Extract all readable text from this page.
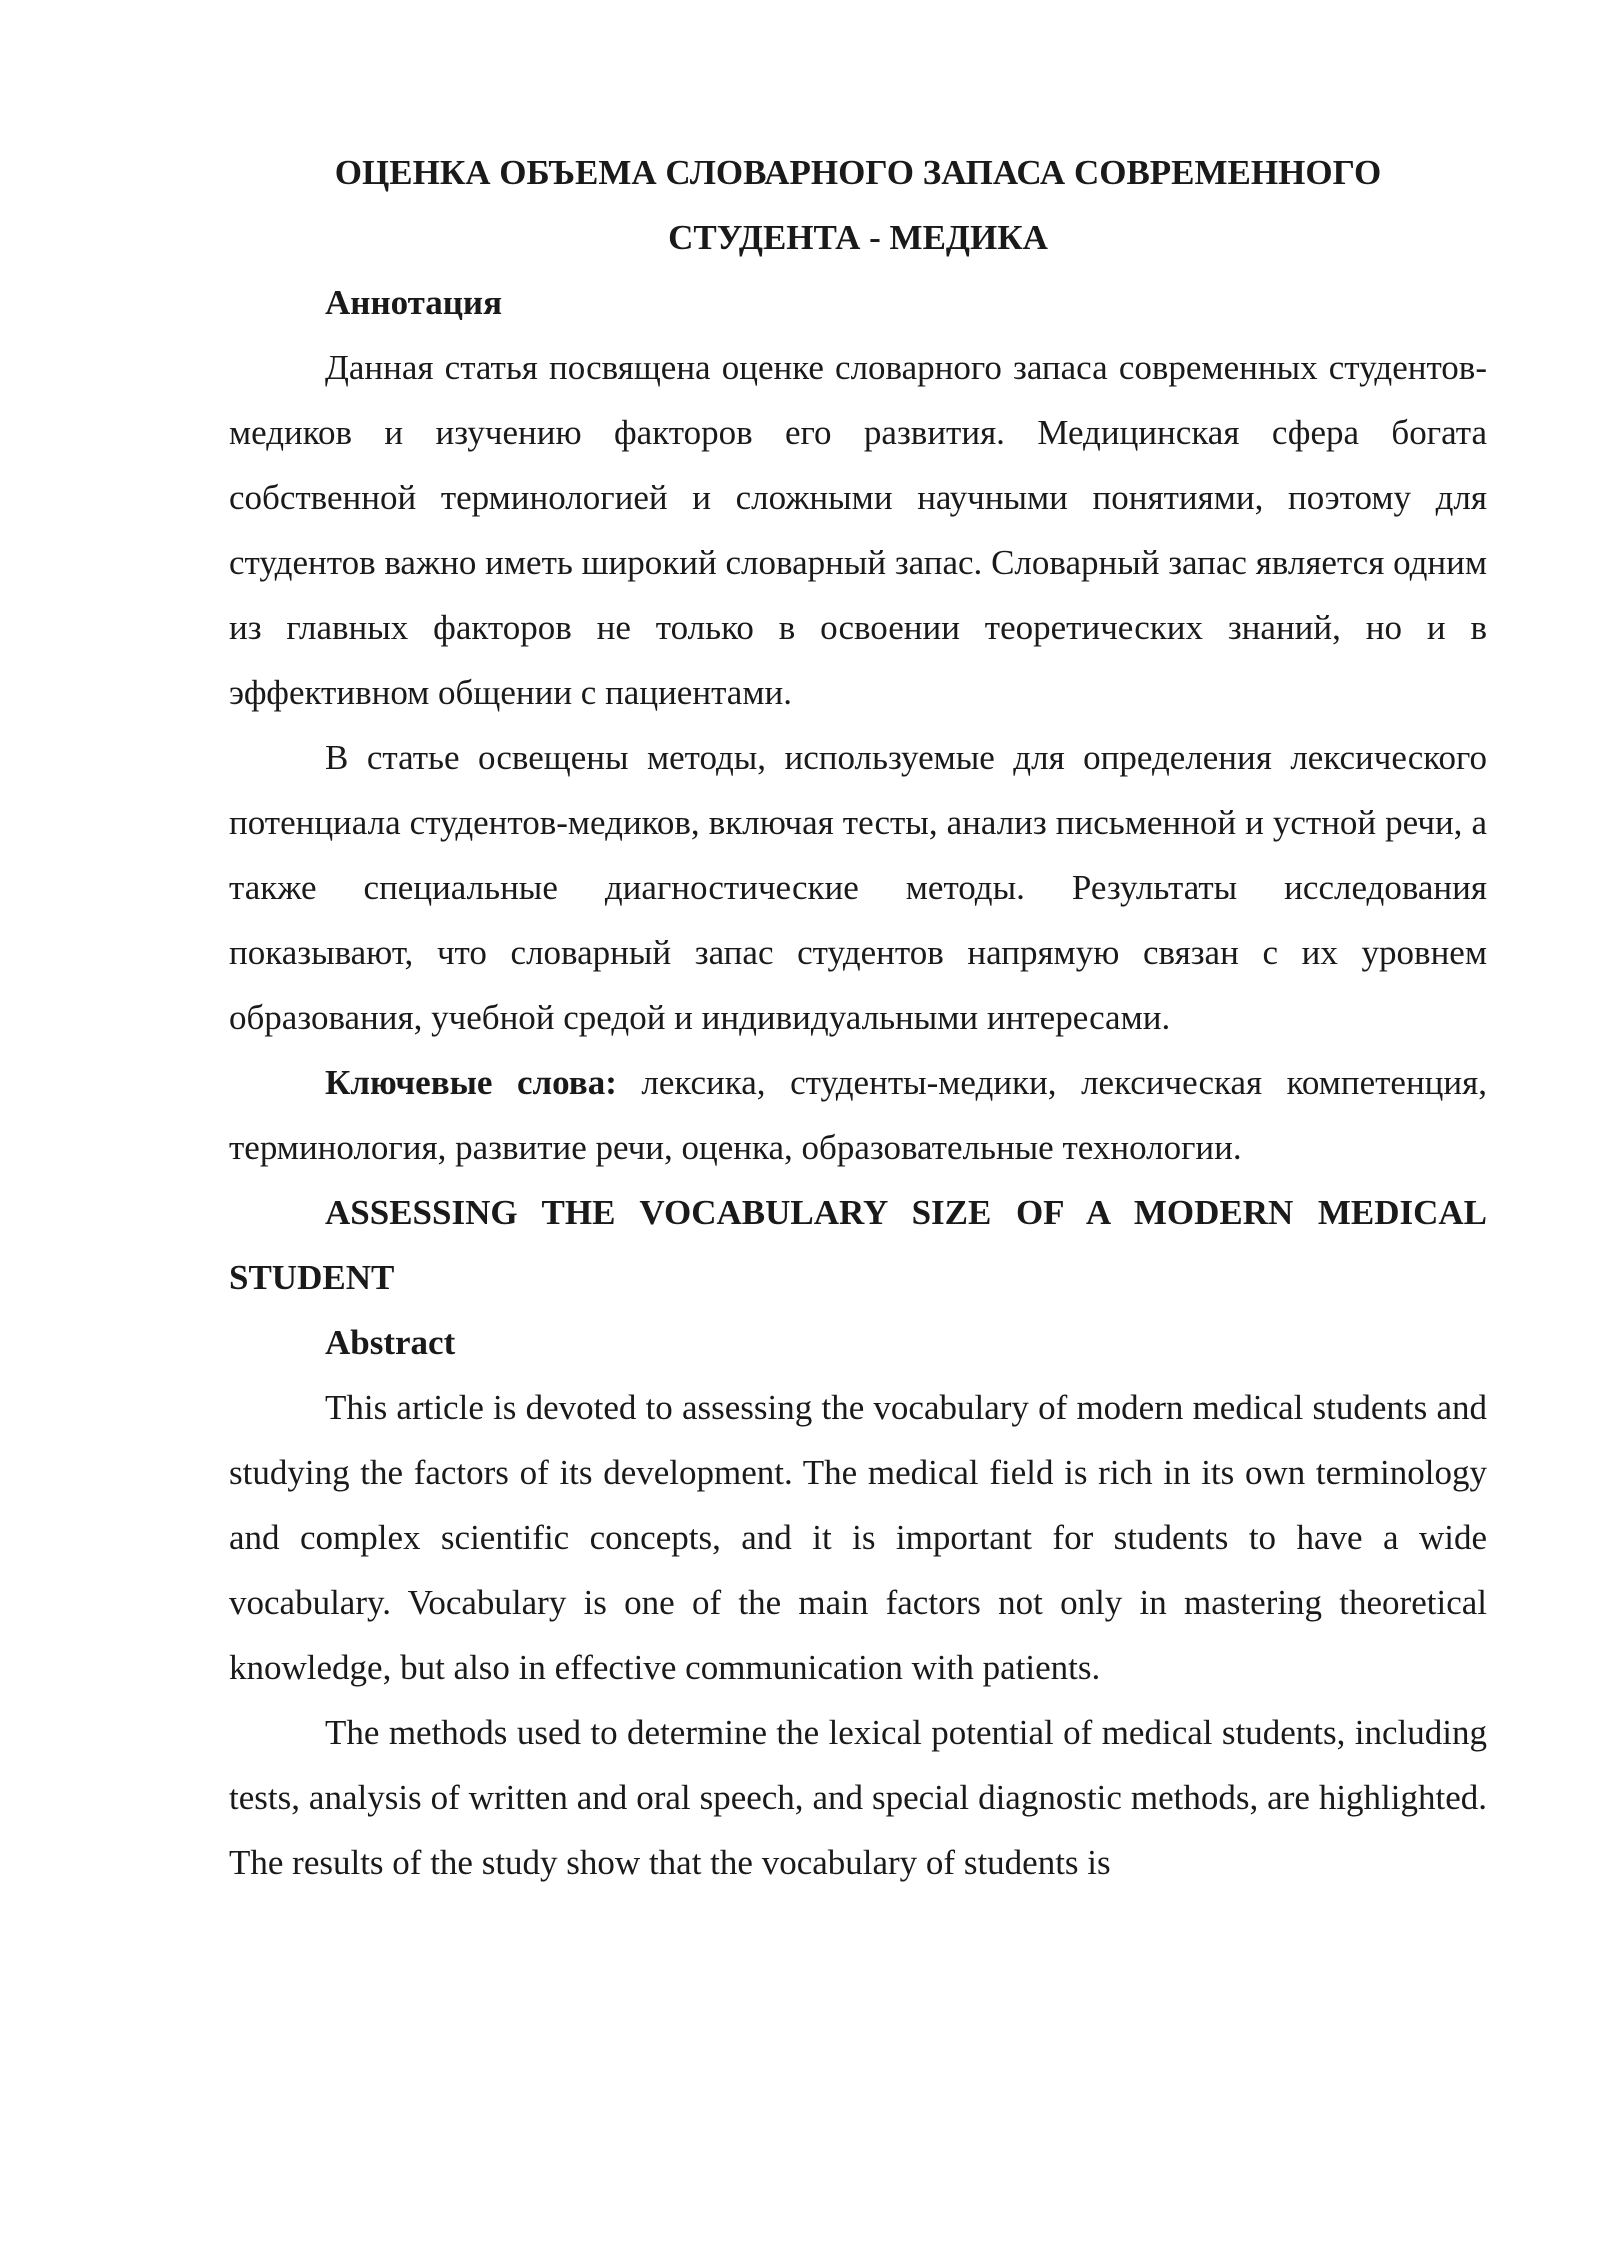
ОЦЕНКА ОБЪЕМА СЛОВАРНОГО ЗАПАСА СОВРЕМЕННОГО
СТУДЕНТА - МЕДИКА
Аннотация

Данная статья посвящена оценке словарного запаса современных студентов-медиков и изучению факторов его развития. Медицинская сфера богата собственной терминологией и сложными научными понятиями, поэтому для студентов важно иметь широкий словарный запас. Словарный запас является одним из главных факторов не только в освоении теоретических знаний, но и в эффективном общении с пациентами.

В статье освещены методы, используемые для определения лексического потенциала студентов-медиков, включая тесты, анализ письменной и устной речи, а также специальные диагностические методы. Результаты исследования показывают, что словарный запас студентов напрямую связан с их уровнем образования, учебной средой и индивидуальными интересами.

Ключевые слова: лексика, студенты-медики, лексическая компетенция, терминология, развитие речи, оценка, образовательные технологии.

ASSESSING THE VOCABULARY SIZE OF A MODERN MEDICAL STUDENT
Abstract

This article is devoted to assessing the vocabulary of modern medical students and studying the factors of its development. The medical field is rich in its own terminology and complex scientific concepts, and it is important for students to have a wide vocabulary. Vocabulary is one of the main factors not only in mastering theoretical knowledge, but also in effective communication with patients.

The methods used to determine the lexical potential of medical students, including tests, analysis of written and oral speech, and special diagnostic methods, are highlighted. The results of the study show that the vocabulary of students is
